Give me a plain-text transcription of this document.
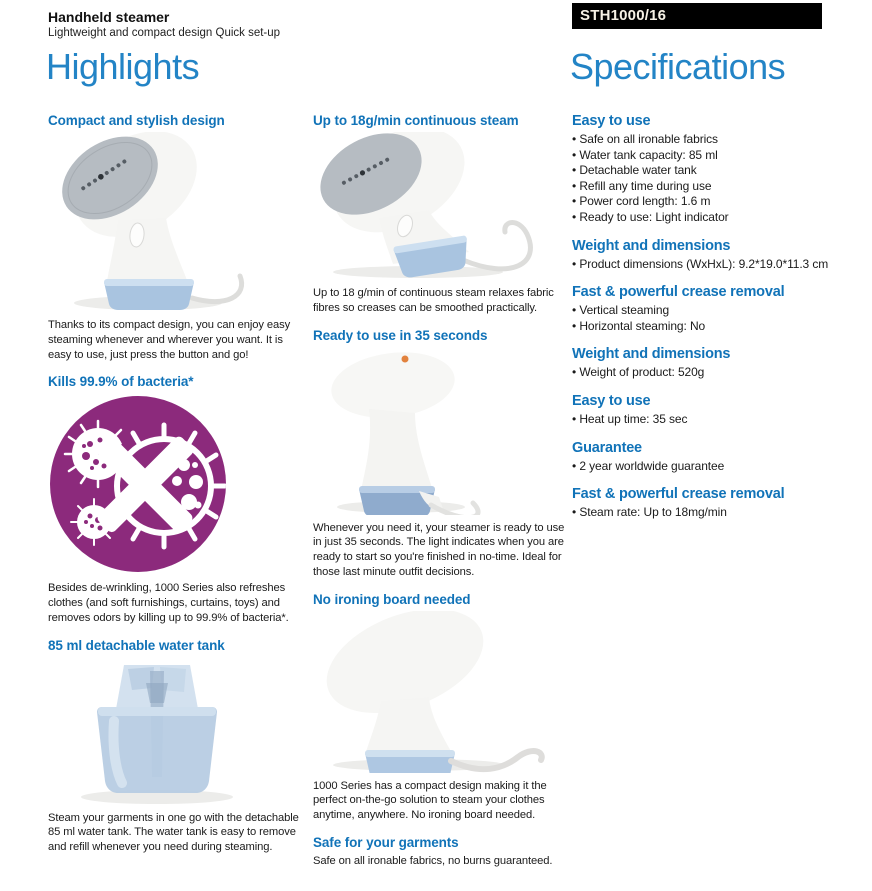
Handheld steamer
Lightweight and compact design Quick set-up
STH1000/16
Highlights	Specifications
Compact and stylish design

Thanks to its compact design, you can enjoy easy steaming whenever and wherever you want. It is easy to use, just press the button and go!

Kills 99.9% of bacteria*

Besides de-wrinkling, 1000 Series also refreshes clothes (and soft furnishings, curtains, toys) and removes odors by killing up to 99.9% of bacteria*.

85 ml detachable water tank

Steam your garments in one go with the detachable 85 ml water tank. The water tank is easy to remove and refill whenever you need during steaming.

Up to 18g/min continuous steam

Up to 18 g/min of continuous steam relaxes fabric fibres so creases can be smoothed practically.

Ready to use in 35 seconds

Whenever you need it, your steamer is ready to use in just 35 seconds. The light indicates when you are ready to start so you're finished in no-time. Ideal for those last minute outfit decisions.

No ironing board needed

1000 Series has a compact design making it the perfect on-the-go solution to steam your clothes anytime, anywhere. No ironing board needed.

Safe for your garments

Safe on all ironable fabrics, no burns guaranteed.

Easy to use
• Safe on all ironable fabrics
• Water tank capacity: 85 ml
• Detachable water tank
• Refill any time during use
• Power cord length: 1.6 m
• Ready to use: Light indicator
Weight and dimensions
• Product dimensions (WxHxL): 9.2*19.0*11.3 cm
Fast & powerful crease removal
• Vertical steaming
• Horizontal steaming: No
Weight and dimensions
• Weight of product: 520g
Easy to use
• Heat up time: 35 sec
Guarantee
• 2 year worldwide guarantee
Fast & powerful crease removal
• Steam rate: Up to 18mg/min
